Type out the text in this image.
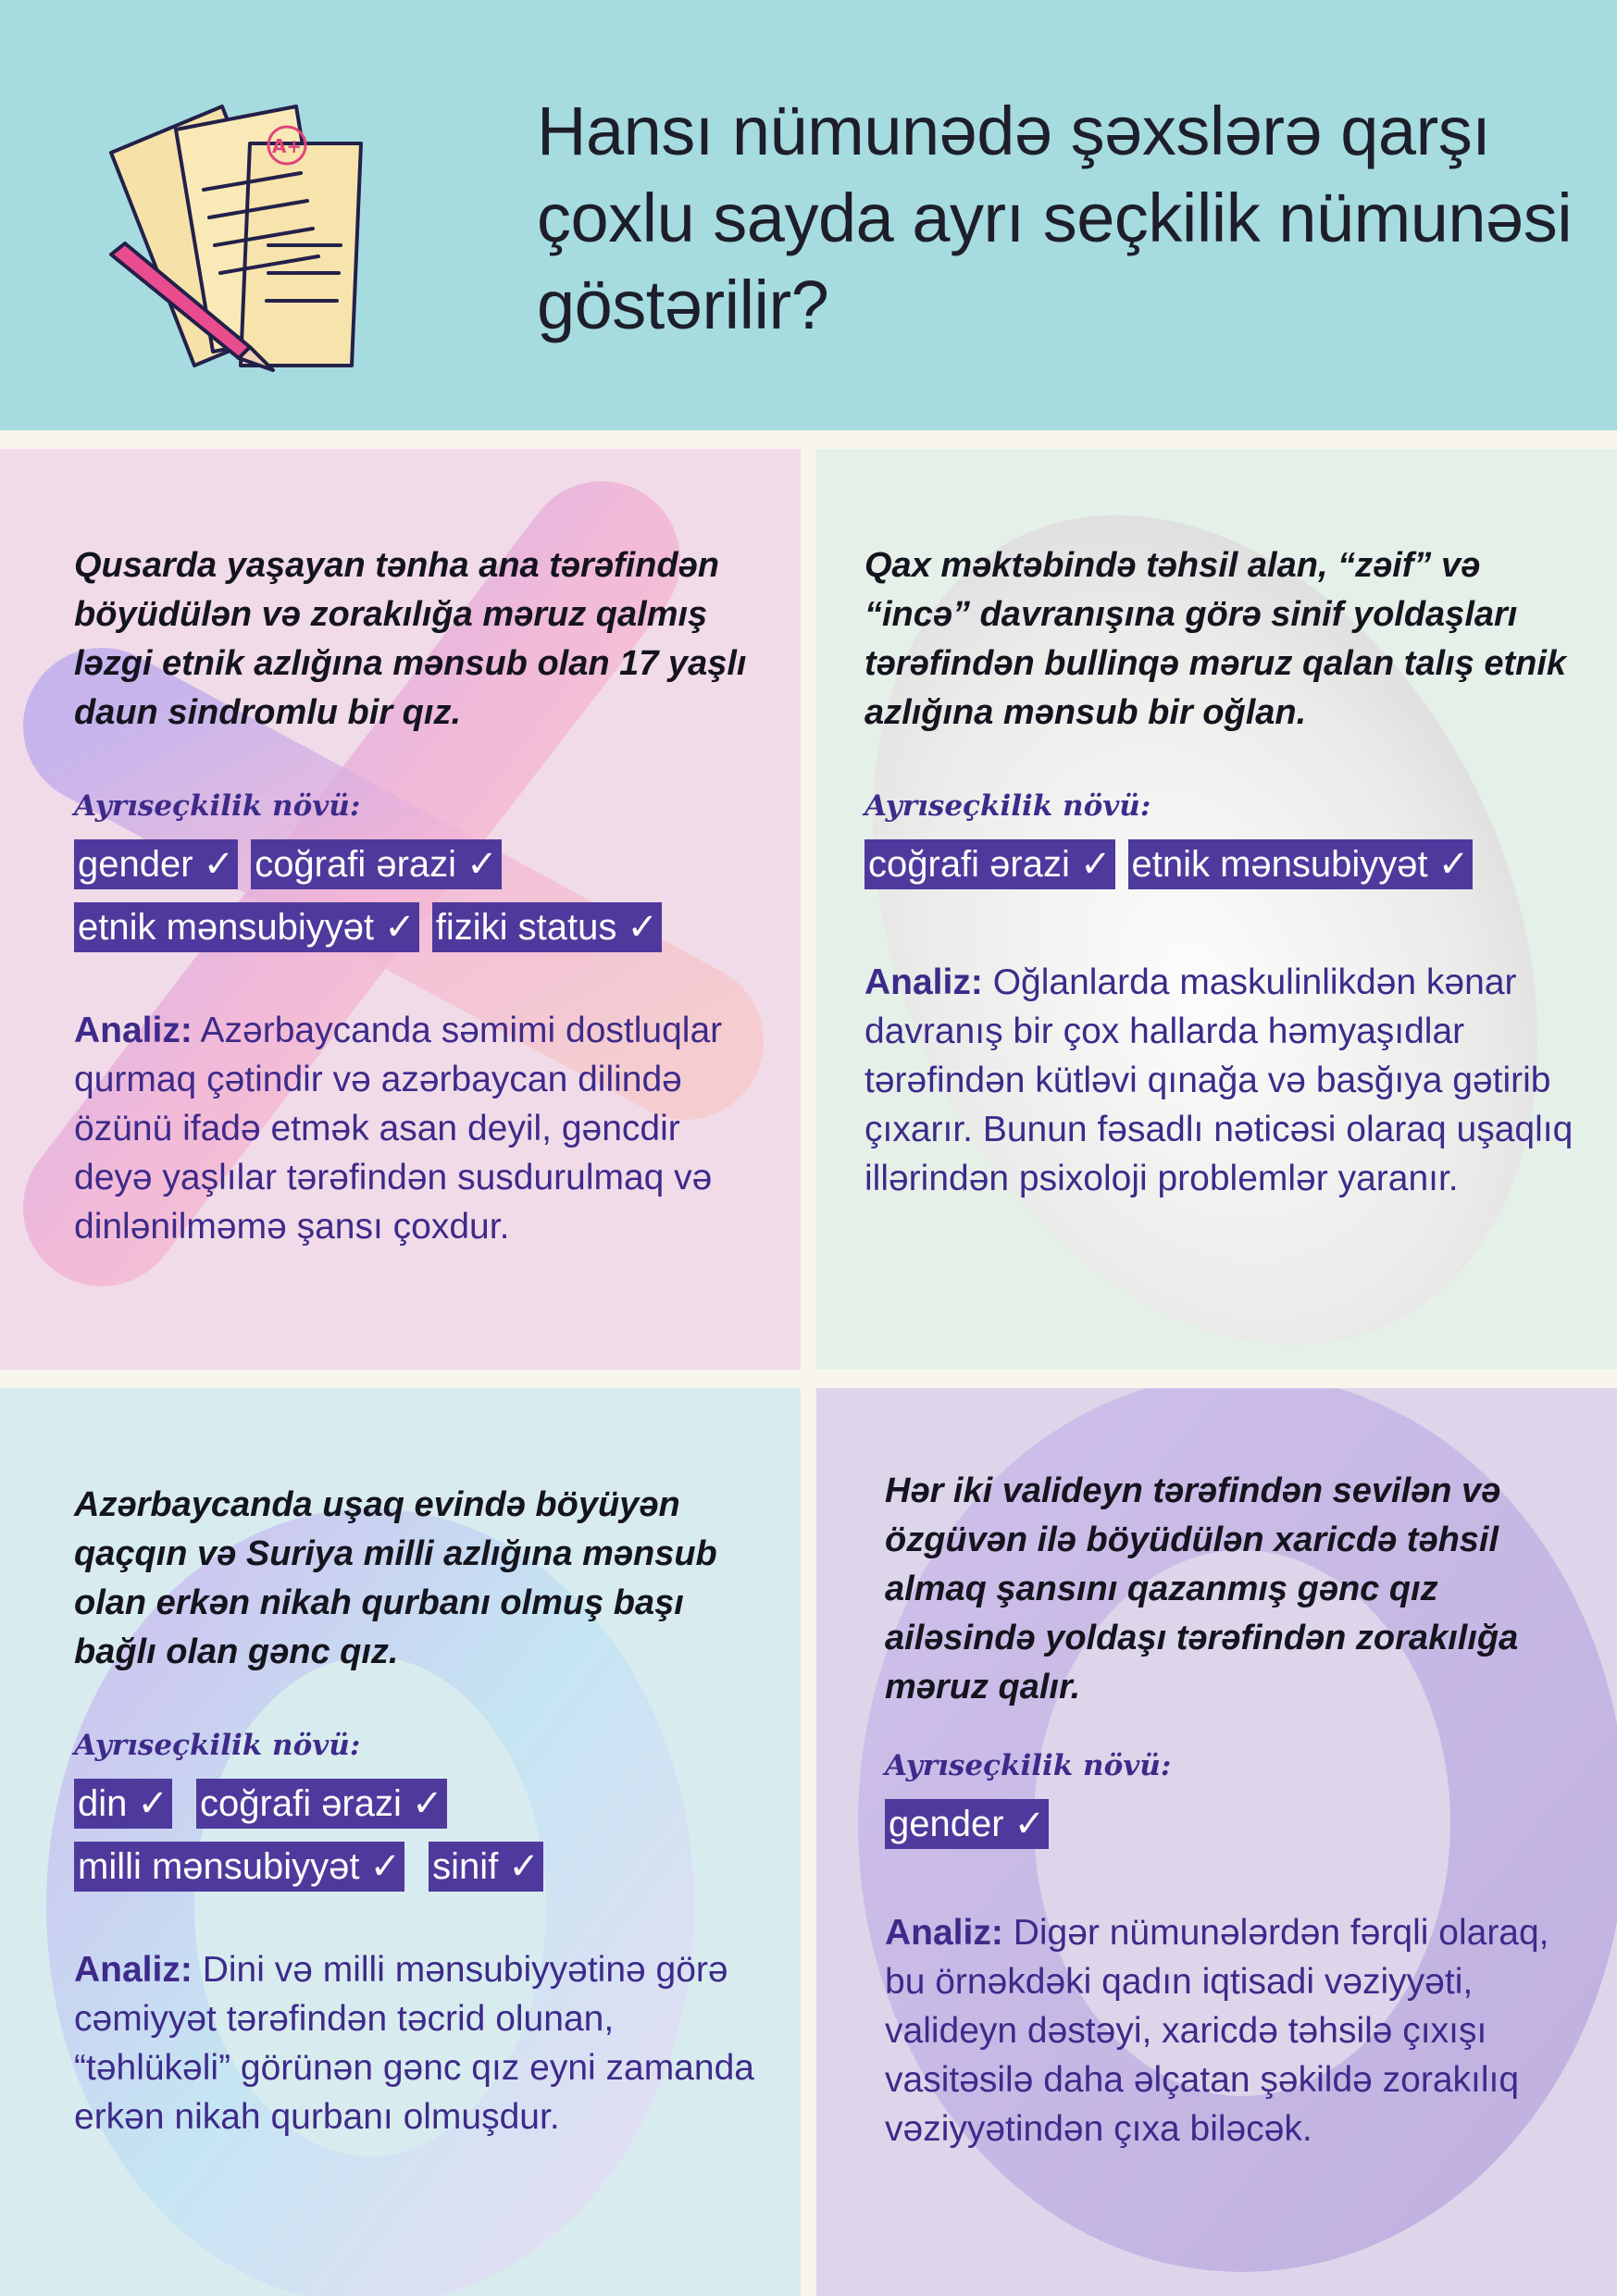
A+	Hansı nümunədə şəxslərə qarşı çoxlu sayda ayrı seçkilik nümunəsi göstərilir?

Qusarda yaşayan tənha ana tərəfindən böyüdülən və zorakılığa məruz qalmış ləzgi etnik azlığına mənsub olan 17 yaşlı daun sindromlu bir qız.

Ayrıseçkilik növü:
gender ✓ coğrafi ərazi ✓
etnik mənsubiyyət ✓ fiziki status ✓
Analiz: Azərbaycanda səmimi dostluqlar qurmaq çətindir və azərbaycan dilində özünü ifadə etmək asan deyil, gəncdir deyə yaşlılar tərəfindən susdurulmaq və dinlənilməmə şansı çoxdur.

Qax məktəbində təhsil alan, “zəif” və “incə” davranışına görə sinif yoldaşları tərəfindən bullinqə məruz qalan talış etnik azlığına mənsub bir oğlan.

Ayrıseçkilik növü:
coğrafi ərazi ✓ etnik mənsubiyyət ✓
Analiz: Oğlanlarda maskulinlikdən kənar davranış bir çox hallarda həmyaşıdlar tərəfindən kütləvi qınağa və basğıya gətirib çıxarır. Bunun fəsadlı nəticəsi olaraq uşaqlıq illərindən psixoloji problemlər yaranır.

Azərbaycanda uşaq evində böyüyən qaçqın və Suriya milli azlığına mənsub olan erkən nikah qurbanı olmuş başı bağlı olan gənc qız.

Ayrıseçkilik növü:
din ✓ coğrafi ərazi ✓
milli mənsubiyyət ✓ sinif ✓
Analiz: Dini və milli mənsubiyyətinə görə cəmiyyət tərəfindən təcrid olunan, “təhlükəli” görünən gənc qız eyni zamanda erkən nikah qurbanı olmuşdur.

Hər iki valideyn tərəfindən sevilən və özgüvən ilə böyüdülən xaricdə təhsil almaq şansını qazanmış gənc qız ailəsində yoldaşı tərəfindən zorakılığa məruz qalır.

Ayrıseçkilik növü:
gender ✓
Analiz: Digər nümunələrdən fərqli olaraq, bu örnəkdəki qadın iqtisadi vəziyyəti, valideyn dəstəyi, xaricdə təhsilə çıxışı vasitəsilə daha əlçatan şəkildə zorakılıq vəziyyətindən çıxa biləcək.
